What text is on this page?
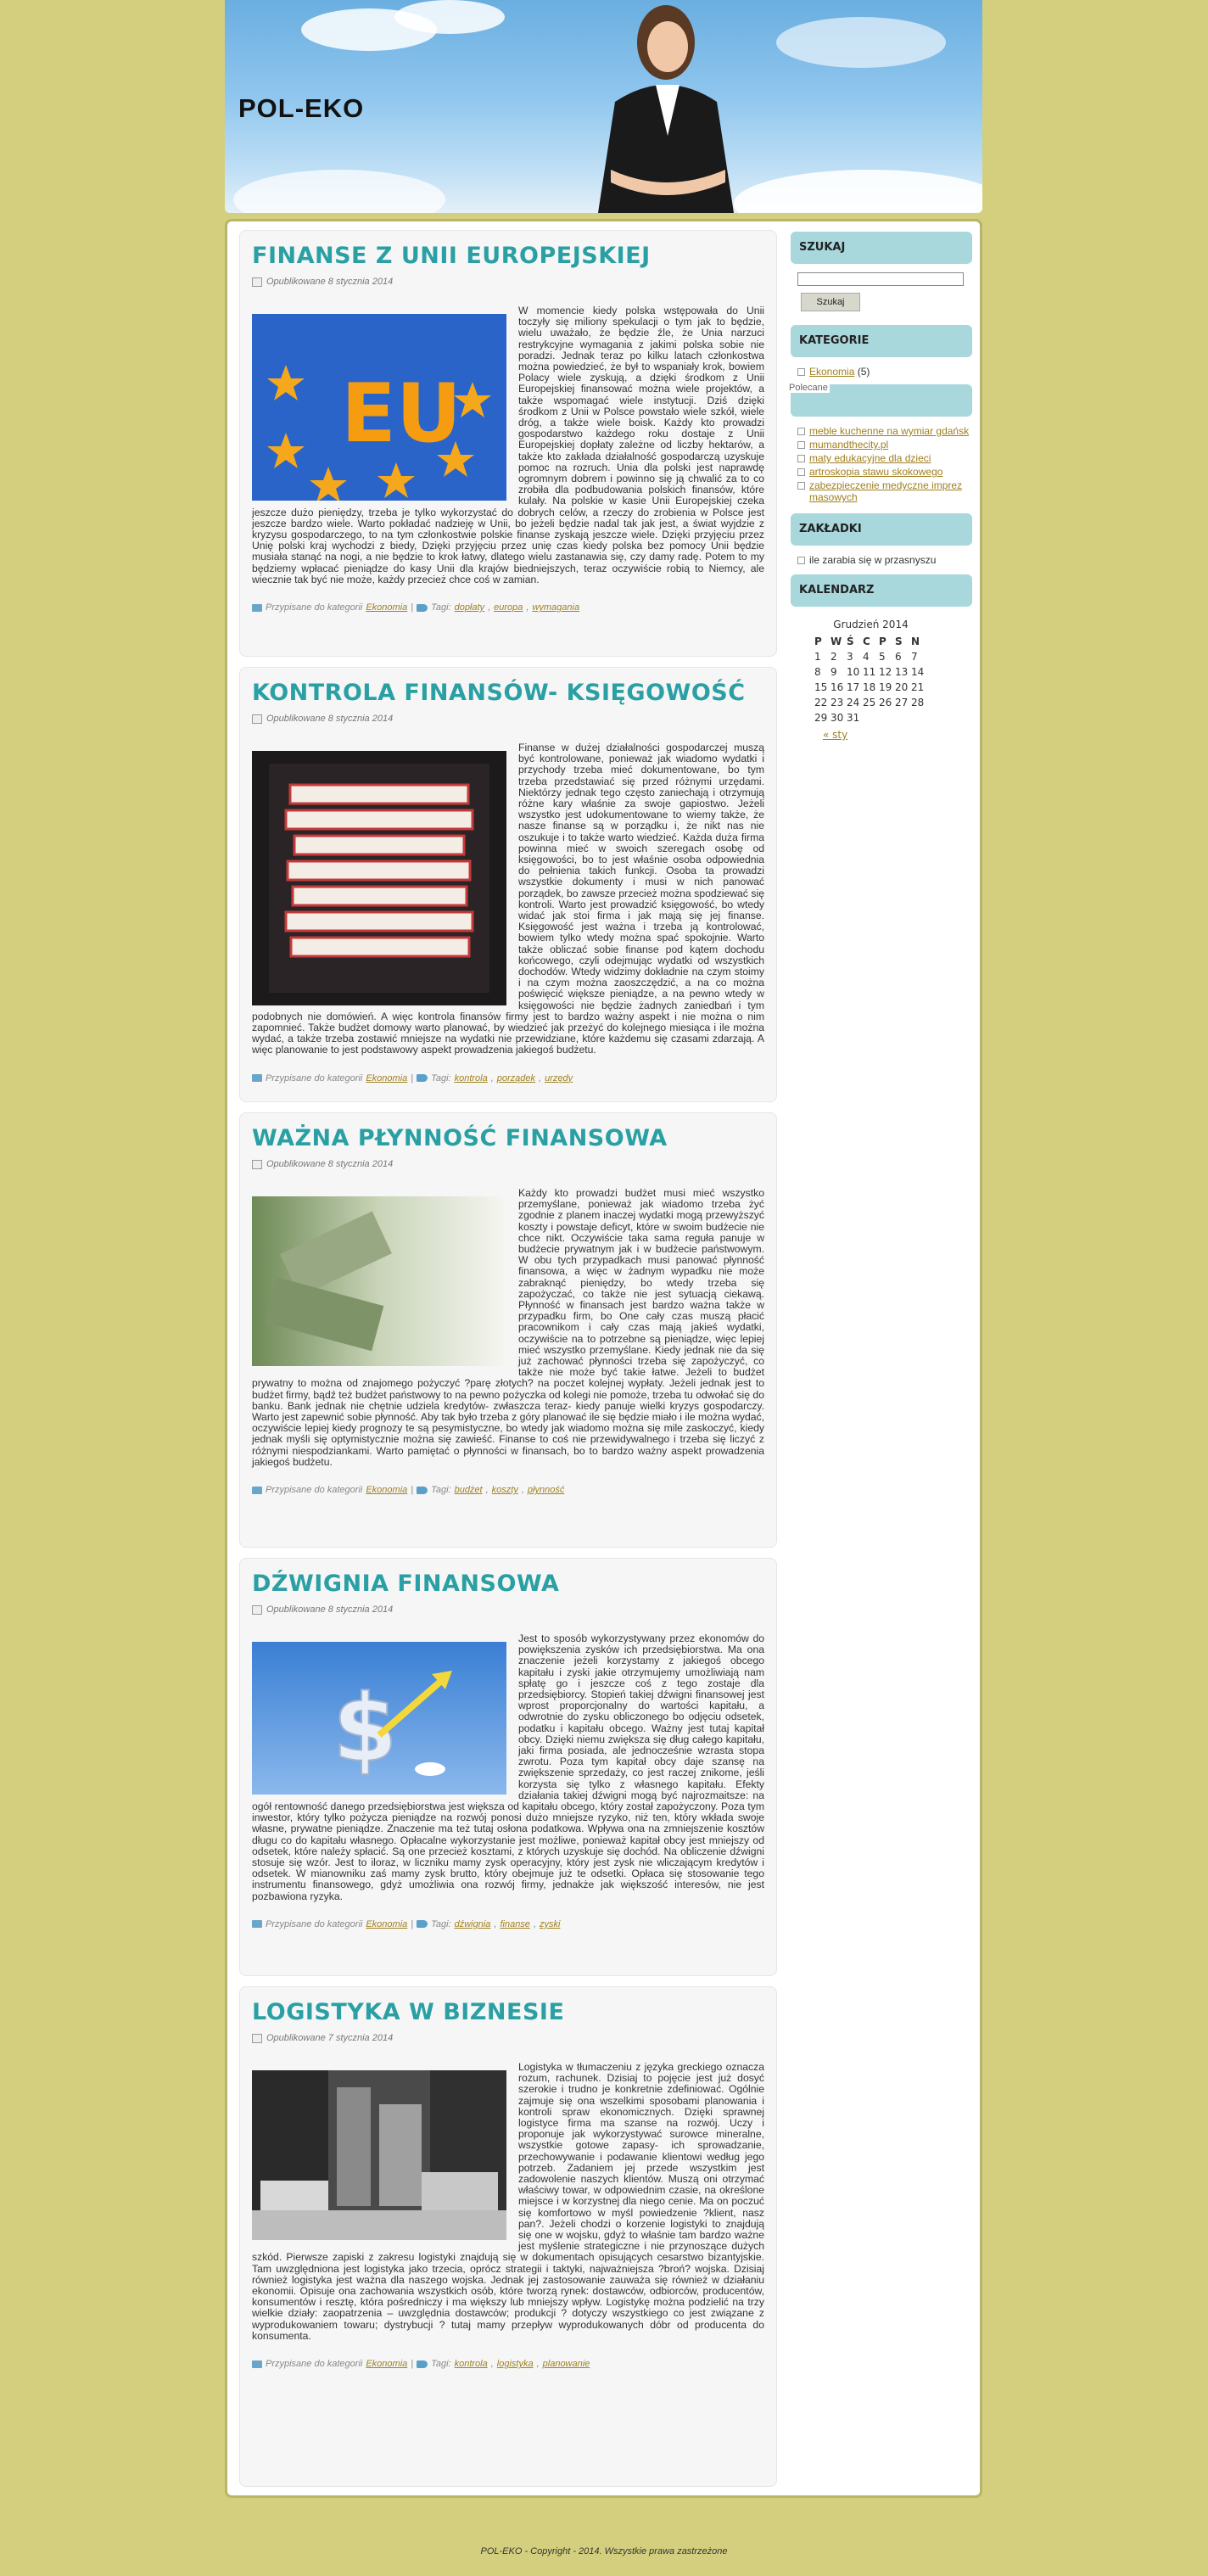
POL-EKO
FINANSE Z UNII EUROPEJSKIEJ
Opublikowane 8 stycznia 2014
EU
W momencie kiedy polska wstępowała do Unii toczyły się miliony spekulacji o tym jak to będzie, wielu uważało, że będzie źle, że Unia narzuci restrykcyjne wymagania z jakimi polska sobie nie poradzi. Jednak teraz po kilku latach członkostwa można powiedzieć, że był to wspaniały krok, bowiem Polacy wiele zyskują, a dzięki środkom z Unii Europejskiej finansować można wiele projektów, a także wspomagać wiele instytucji. Dziś dzięki środkom z Unii w Polsce powstało wiele szkół, wiele dróg, a także wiele boisk. Każdy kto prowadzi gospodarstwo każdego roku dostaje z Unii Europejskiej dopłaty zależne od liczby hektarów, a także kto zakłada działalność gospodarczą uzyskuje pomoc na rozruch. Unia dla polski jest naprawdę ogromnym dobrem i powinno się ją chwalić za to co zrobiła dla podbudowania polskich finansów, które kulały. Na polskie w kasie Unii Europejskiej czeka jeszcze dużo pieniędzy, trzeba je tylko wykorzystać do dobrych celów, a rzeczy do zrobienia w Polsce jest jeszcze bardzo wiele. Warto pokładać nadzieję w Unii, bo jeżeli będzie nadal tak jak jest, a świat wyjdzie z kryzysu gospodarczego, to na tym członkostwie polskie finanse zyskają jeszcze wiele. Dzięki przyjęciu przez Unię polski kraj wychodzi z biedy, Dzięki przyjęciu przez unię czas kiedy polska bez pomocy Unii będzie musiała stanąć na nogi, a nie będzie to krok łatwy, dlatego wielu zastanawia się, czy damy radę. Potem to my będziemy wpłacać pieniądze do kasy Unii dla krajów biedniejszych, teraz oczywiście robią to Niemcy, ale wiecznie tak być nie może, każdy przecież chce coś w zamian.
Przypisane do kategorii Ekonomia | Tagi: dopłaty , europa , wymagania
KONTROLA FINANSÓW- KSIĘGOWOŚĆ
Opublikowane 8 stycznia 2014
Finanse w dużej działalności gospodarczej muszą być kontrolowane, ponieważ jak wiadomo wydatki i przychody trzeba mieć dokumentowane, bo tym trzeba przedstawiać się przed różnymi urzędami. Niektórzy jednak tego często zaniechają i otrzymują różne kary właśnie za swoje gapiostwo. Jeżeli wszystko jest udokumentowane to wiemy także, że nasze finanse są w porządku i, że nikt nas nie oszukuje i to także warto wiedzieć. Każda duża firma powinna mieć w swoich szeregach osobę od księgowości, bo to jest właśnie osoba odpowiednia do pełnienia takich funkcji. Osoba ta prowadzi wszystkie dokumenty i musi w nich panować porządek, bo zawsze przecież można spodziewać się kontroli. Warto jest prowadzić księgowość, bo wtedy widać jak stoi firma i jak mają się jej finanse. Księgowość jest ważna i trzeba ją kontrolować, bowiem tylko wtedy można spać spokojnie. Warto także obliczać sobie finanse pod kątem dochodu końcowego, czyli odejmując wydatki od wszystkich dochodów. Wtedy widzimy dokładnie na czym stoimy i na czym można zaoszczędzić, a na co można poświęcić większe pieniądze, a na pewno wtedy w księgowości nie będzie żadnych zaniedbań i tym podobnych nie domówień. A więc kontrola finansów firmy jest to bardzo ważny aspekt i nie można o nim zapomnieć. Także budżet domowy warto planować, by wiedzieć jak przeżyć do kolejnego miesiąca i ile można wydać, a także trzeba zostawić mniejsze na wydatki nie przewidziane, które każdemu się czasami zdarzają. A więc planowanie to jest podstawowy aspekt prowadzenia jakiegoś budżetu.
Przypisane do kategorii Ekonomia | Tagi: kontrola , porządek , urzędy
WAŻNA PŁYNNOŚĆ FINANSOWA
Opublikowane 8 stycznia 2014
Każdy kto prowadzi budżet musi mieć wszystko przemyślane, ponieważ jak wiadomo trzeba żyć zgodnie z planem inaczej wydatki mogą przewyższyć koszty i powstaje deficyt, które w swoim budżecie nie chce nikt. Oczywiście taka sama reguła panuje w budżecie prywatnym jak i w budżecie państwowym. W obu tych przypadkach musi panować płynność finansowa, a więc w żadnym wypadku nie może zabraknąć pieniędzy, bo wtedy trzeba się zapożyczać, co także nie jest sytuacją ciekawą. Płynność w finansach jest bardzo ważna także w przypadku firm, bo One cały czas muszą płacić pracownikom i cały czas mają jakieś wydatki, oczywiście na to potrzebne są pieniądze, więc lepiej mieć wszystko przemyślane. Kiedy jednak nie da się już zachować płynności trzeba się zapożyczyć, co także nie może być takie łatwe. Jeżeli to budżet prywatny to można od znajomego pożyczyć ?parę złotych? na poczet kolejnej wypłaty. Jeżeli jednak jest to budżet firmy, bądź też budżet państwowy to na pewno pożyczka od kolegi nie pomoże, trzeba tu odwołać się do banku. Bank jednak nie chętnie udziela kredytów- zwłaszcza teraz- kiedy panuje wielki kryzys gospodarczy. Warto jest zapewnić sobie płynność. Aby tak było trzeba z góry planować ile się będzie miało i ile można wydać, oczywiście lepiej kiedy prognozy te są pesymistyczne, bo wtedy jak wiadomo można się mile zaskoczyć, kiedy jednak myśli się optymistycznie można się zawieść. Finanse to coś nie przewidywalnego i trzeba się liczyć z różnymi niespodziankami. Warto pamiętać o płynności w finansach, bo to bardzo ważny aspekt prowadzenia jakiegoś budżetu.
Przypisane do kategorii Ekonomia | Tagi: budżet , koszty , płynność
DŹWIGNIA FINANSOWA
Opublikowane 8 stycznia 2014
$
Jest to sposób wykorzystywany przez ekonomów do powiększenia zysków ich przedsiębiorstwa. Ma ona znaczenie jeżeli korzystamy z jakiegoś obcego kapitału i zyski jakie otrzymujemy umożliwiają nam spłatę go i jeszcze coś z tego zostaje dla przedsiębiorcy. Stopień takiej dźwigni finansowej jest wprost proporcjonalny do wartości kapitału, a odwrotnie do zysku obliczonego bo odjęciu odsetek, podatku i kapitału obcego. Ważny jest tutaj kapitał obcy. Dzięki niemu zwiększa się dług całego kapitału, jaki firma posiada, ale jednocześnie wzrasta stopa zwrotu. Poza tym kapitał obcy daje szansę na zwiększenie sprzedaży, co jest raczej znikome, jeśli korzysta się tylko z własnego kapitału. Efekty działania takiej dźwigni mogą być najrozmaitsze: na ogół rentowność danego przedsiębiorstwa jest większa od kapitału obcego, który został zapożyczony. Poza tym inwestor, który tylko pożycza pieniądze na rozwój ponosi dużo mniejsze ryzyko, niż ten, który wkłada swoje własne, prywatne pieniądze. Znaczenie ma też tutaj osłona podatkowa. Wpływa ona na zmniejszenie kosztów długu co do kapitału własnego. Opłacalne wykorzystanie jest możliwe, ponieważ kapitał obcy jest mniejszy od odsetek, które należy spłacić. Są one przecież kosztami, z których uzyskuje się dochód. Na obliczenie dźwigni stosuje się wzór. Jest to iloraz, w liczniku mamy zysk operacyjny, który jest zysk nie wliczającym kredytów i odsetek. W mianowniku zaś mamy zysk brutto, który obejmuje już te odsetki. Opłaca się stosowanie tego instrumentu finansowego, gdyż umożliwia ona rozwój firmy, jednakże jak większość interesów, nie jest pozbawiona ryzyka.
Przypisane do kategorii Ekonomia | Tagi: dźwignia , finanse , zyski
LOGISTYKA W BIZNESIE
Opublikowane 7 stycznia 2014
Logistyka w tłumaczeniu z języka greckiego oznacza rozum, rachunek. Dzisiaj to pojęcie jest już dosyć szerokie i trudno je konkretnie zdefiniować. Ogólnie zajmuje się ona wszelkimi sposobami planowania i kontroli spraw ekonomicznych. Dzięki sprawnej logistyce firma ma szanse na rozwój. Uczy i proponuje jak wykorzystywać surowce mineralne, wszystkie gotowe zapasy- ich sprowadzanie, przechowywanie i podawanie klientowi według jego potrzeb. Zadaniem jej przede wszystkim jest zadowolenie naszych klientów. Muszą oni otrzymać właściwy towar, w odpowiednim czasie, na określone miejsce i w korzystnej dla niego cenie. Ma on poczuć się komfortowo w myśl powiedzenie ?klient, nasz pan?. Jeżeli chodzi o korzenie logistyki to znajdują się one w wojsku, gdyż to właśnie tam bardzo ważne jest myślenie strategiczne i nie przynoszące dużych szkód. Pierwsze zapiski z zakresu logistyki znajdują się w dokumentach opisujących cesarstwo bizantyjskie. Tam uwzględniona jest logistyka jako trzecia, oprócz strategii i taktyki, najważniejsza ?broń? wojska. Dzisiaj również logistyka jest ważna dla naszego wojska. Jednak jej zastosowanie zauważa się również w działaniu ekonomii. Opisuje ona zachowania wszystkich osób, które tworzą rynek: dostawców, odbiorców, producentów, konsumentów i resztę, która pośredniczy i ma większy lub mniejszy wpływ. Logistykę można podzielić na trzy wielkie działy: zaopatrzenia – uwzględnia dostawców; produkcji ? dotyczy wszystkiego co jest związane z wyprodukowaniem towaru; dystrybucji ? tutaj mamy przepływ wyprodukowanych dóbr od producenta do konsumenta.
Przypisane do kategorii Ekonomia | Tagi: kontrola , logistyka , planowanie
SZUKAJ
Szukaj
KATEGORIE
Ekonomia (5)
Polecane
meble kuchenne na wymiar gdańsk
mumandthecity.pl
maty edukacyjne dla dzieci
artroskopia stawu skokowego
zabezpieczenie medyczne imprez masowych
ZAKŁADKI
ile zarabia się w przasnyszu
KALENDARZ
Grudzień 2014
P	W	Ś	C	P	S	N
1	2	3	4	5	6	7
8	9	10	11	12	13	14
15	16	17	18	19	20	21
22	23	24	25	26	27	28
29	30	31				
« sty
POL-EKO - Copyright - 2014. Wszystkie prawa zastrzeżone
